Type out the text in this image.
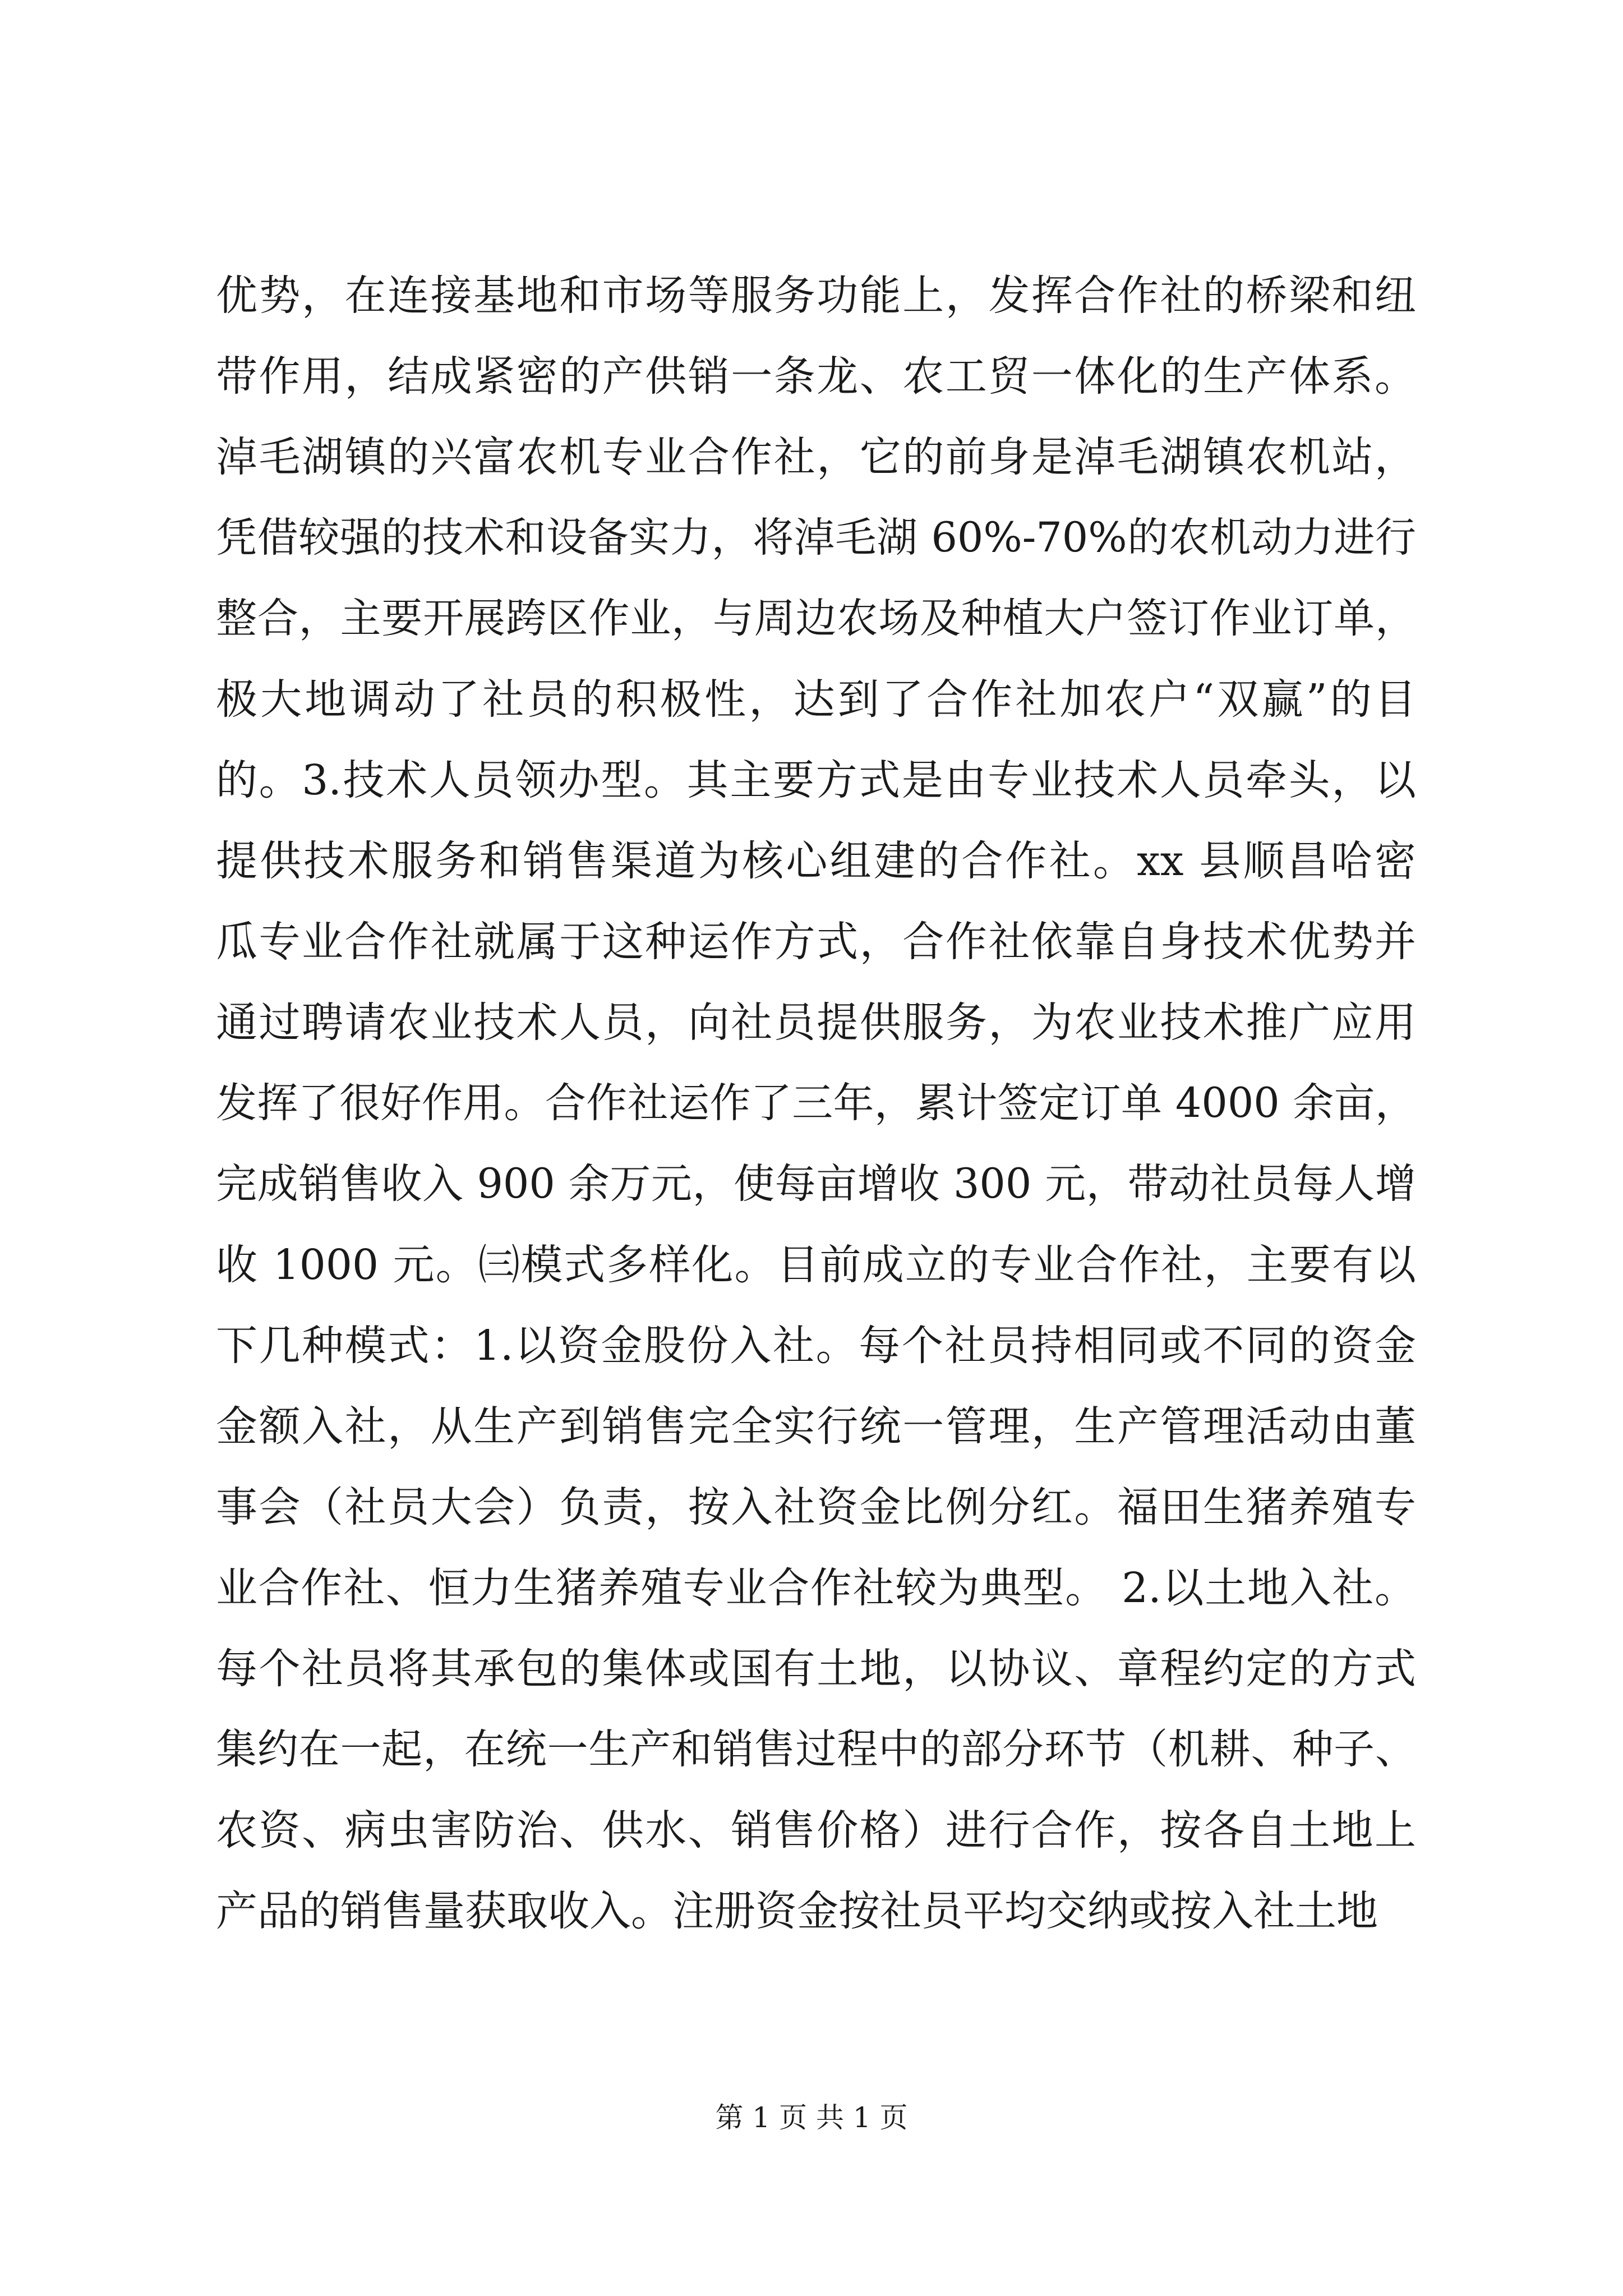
优势，在连接基地和市场等服务功能上，发挥合作社的桥梁和纽
带作用，结成紧密的产供销一条龙、农工贸一体化的生产体系。
淖毛湖镇的兴富农机专业合作社，它的前身是淖毛湖镇农机站，
凭借较强的技术和设备实力，将淖毛湖 60%-70%的农机动力进行
整合，主要开展跨区作业，与周边农场及种植大户签订作业订单，
极大地调动了社员的积极性，达到了合作社加农户“双赢”的目
的。3.技术人员领办型。其主要方式是由专业技术人员牵头，以
提供技术服务和销售渠道为核心组建的合作社。xx 县顺昌哈密
瓜专业合作社就属于这种运作方式，合作社依靠自身技术优势并
通过聘请农业技术人员，向社员提供服务，为农业技术推广应用
发挥了很好作用。合作社运作了三年，累计签定订单 4000 余亩，
完成销售收入 900 余万元，使每亩增收 300 元，带动社员每人增
收 1000 元。㈢模式多样化。目前成立的专业合作社，主要有以
下几种模式：1.以资金股份入社。每个社员持相同或不同的资金
金额入社，从生产到销售完全实行统一管理，生产管理活动由董
事会（社员大会）负责，按入社资金比例分红。福田生猪养殖专
业合作社、恒力生猪养殖专业合作社较为典型。 2.以土地入社。
每个社员将其承包的集体或国有土地，以协议、章程约定的方式
集约在一起，在统一生产和销售过程中的部分环节（机耕、种子、
农资、病虫害防治、供水、销售价格）进行合作，按各自土地上
产品的销售量获取收入。注册资金按社员平均交纳或按入社土地
第 1 页 共 1 页
